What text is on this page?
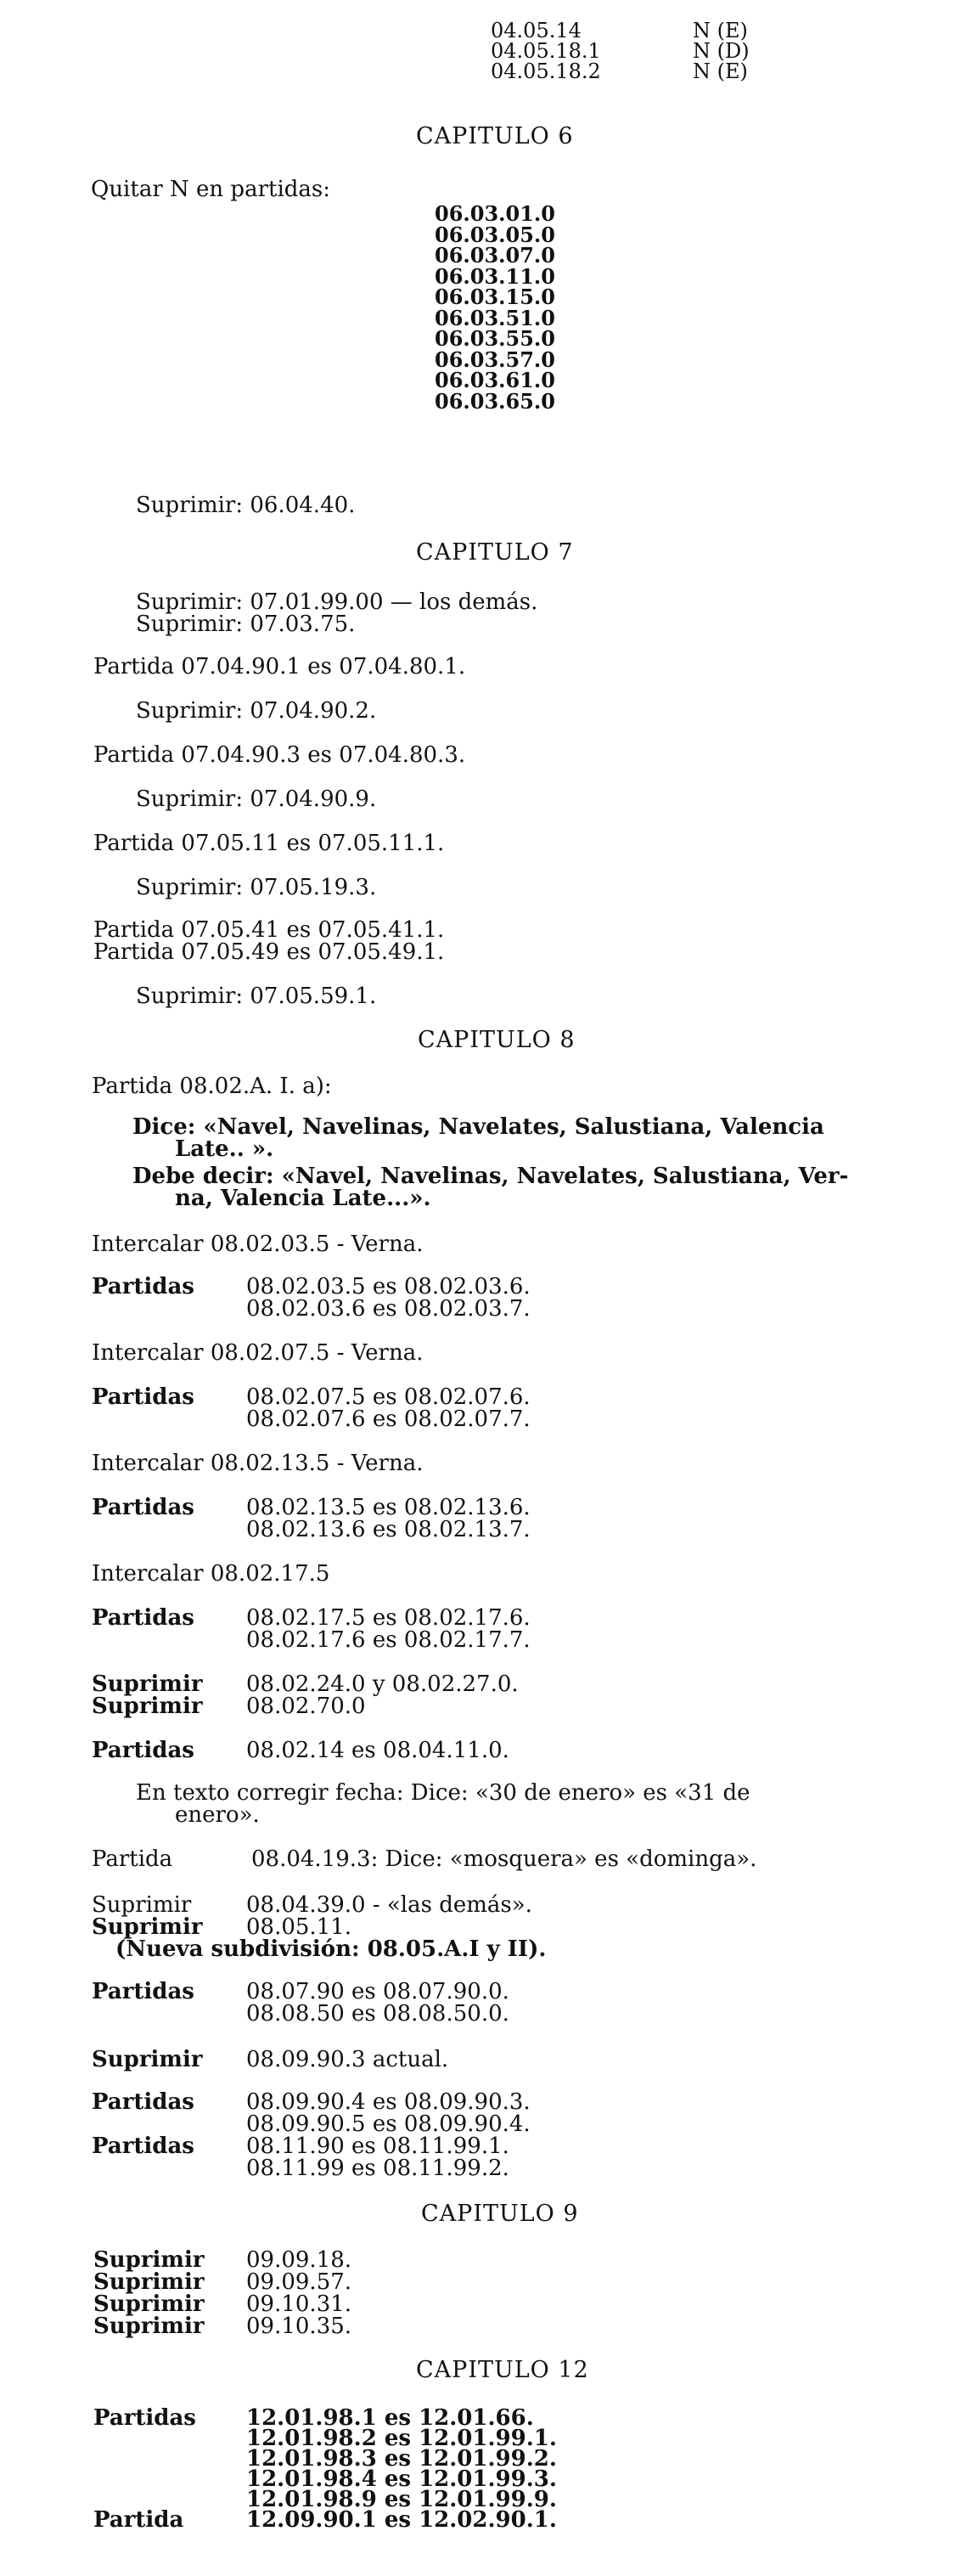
04.05.14	N (E)
04.05.18.1	N (D)
04.05.18.2	N (E)
CAPITULO 6
Quitar N en partidas:
06.03.01.0
06.03.05.0
06.03.07.0
06.03.11.0
06.03.15.0
06.03.51.0
06.03.55.0
06.03.57.0
06.03.61.0
06.03.65.0
Suprimir: 06.04.40.
CAPITULO 7
Suprimir: 07.01.99.00 — los demás.
Suprimir: 07.03.75.
Partida 07.04.90.1 es 07.04.80.1.
Suprimir: 07.04.90.2.
Partida 07.04.90.3 es 07.04.80.3.
Suprimir: 07.04.90.9.
Partida 07.05.11 es 07.05.11.1.
Suprimir: 07.05.19.3.
Partida 07.05.41 es 07.05.41.1.
Partida 07.05.49 es 07.05.49.1.
Suprimir: 07.05.59.1.
CAPITULO 8
Partida 08.02.A. I. a):
Dice: «Navel, Navelinas, Navelates, Salustiana, Valencia
Late.. ».
Debe decir: «Navel, Navelinas, Navelates, Salustiana, Ver-
na, Valencia Late...».
Intercalar 08.02.03.5 - Verna.
Partidas 08.02.03.5 es 08.02.03.6.
08.02.03.6 es 08.02.03.7.
Intercalar 08.02.07.5 - Verna.
Partidas 08.02.07.5 es 08.02.07.6.
08.02.07.6 es 08.02.07.7.
Intercalar 08.02.13.5 - Verna.
Partidas 08.02.13.5 es 08.02.13.6.
08.02.13.6 es 08.02.13.7.
Intercalar 08.02.17.5
Partidas 08.02.17.5 es 08.02.17.6.
08.02.17.6 es 08.02.17.7.
Suprimir 08.02.24.0 y 08.02.27.0.
Suprimir 08.02.70.0
Partidas 08.02.14 es 08.04.11.0.
En texto corregir fecha: Dice: «30 de enero» es «31 de
enero».
Partida	08.04.19.3: Dice: «mosquera» es «dominga».
Suprimir 08.04.39.0 - «las demás».
Suprimir 08.05.11.
(Nueva subdivisión: 08.05.A.I y II).
Partidas 08.07.90 es 08.07.90.0.
08.08.50 es 08.08.50.0.
Suprimir 08.09.90.3 actual.
Partidas 08.09.90.4 es 08.09.90.3.
08.09.90.5 es 08.09.90.4.
Partidas 08.11.90 es 08.11.99.1.
08.11.99 es 08.11.99.2.
CAPITULO 9
Suprimir 09.09.18.
Suprimir 09.09.57.
Suprimir 09.10.31.
Suprimir 09.10.35.
CAPITULO 12
Partidas 12.01.98.1 es 12.01.66.
12.01.98.2 es 12.01.99.1.
12.01.98.3 es 12.01.99.2.
12.01.98.4 es 12.01.99.3.
12.01.98.9 es 12.01.99.9.
Partida	12.09.90.1 es 12.02.90.1.
